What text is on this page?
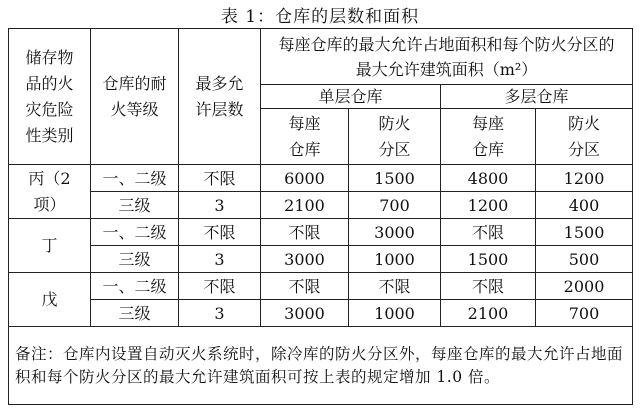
表 1：仓库的层数和面积
储存物品的火灾危险性类别	仓库的耐火等级	最多允许层数	每座仓库的最大允许占地面积和每个防火分区的最大允许建筑面积（m²）			
			单层仓库		多层仓库	
			每座仓库	防火分区	每座仓库	防火分区
丙（2 项）	一、二级	不限	6000	1500	4800	1200
	三级	3	2100	700	1200	400
丁	一、二级	不限	不限	3000	不限	1500
	三级	3	3000	1000	1500	500
戊	一、二级	不限	不限	不限	不限	2000
	三级	3	3000	1000	2100	700
备注：仓库内设置自动灭火系统时，除冷库的防火分区外，每座仓库的最大允许占地面积和每个防火分区的最大允许建筑面积可按上表的规定增加 1.0 倍。						
